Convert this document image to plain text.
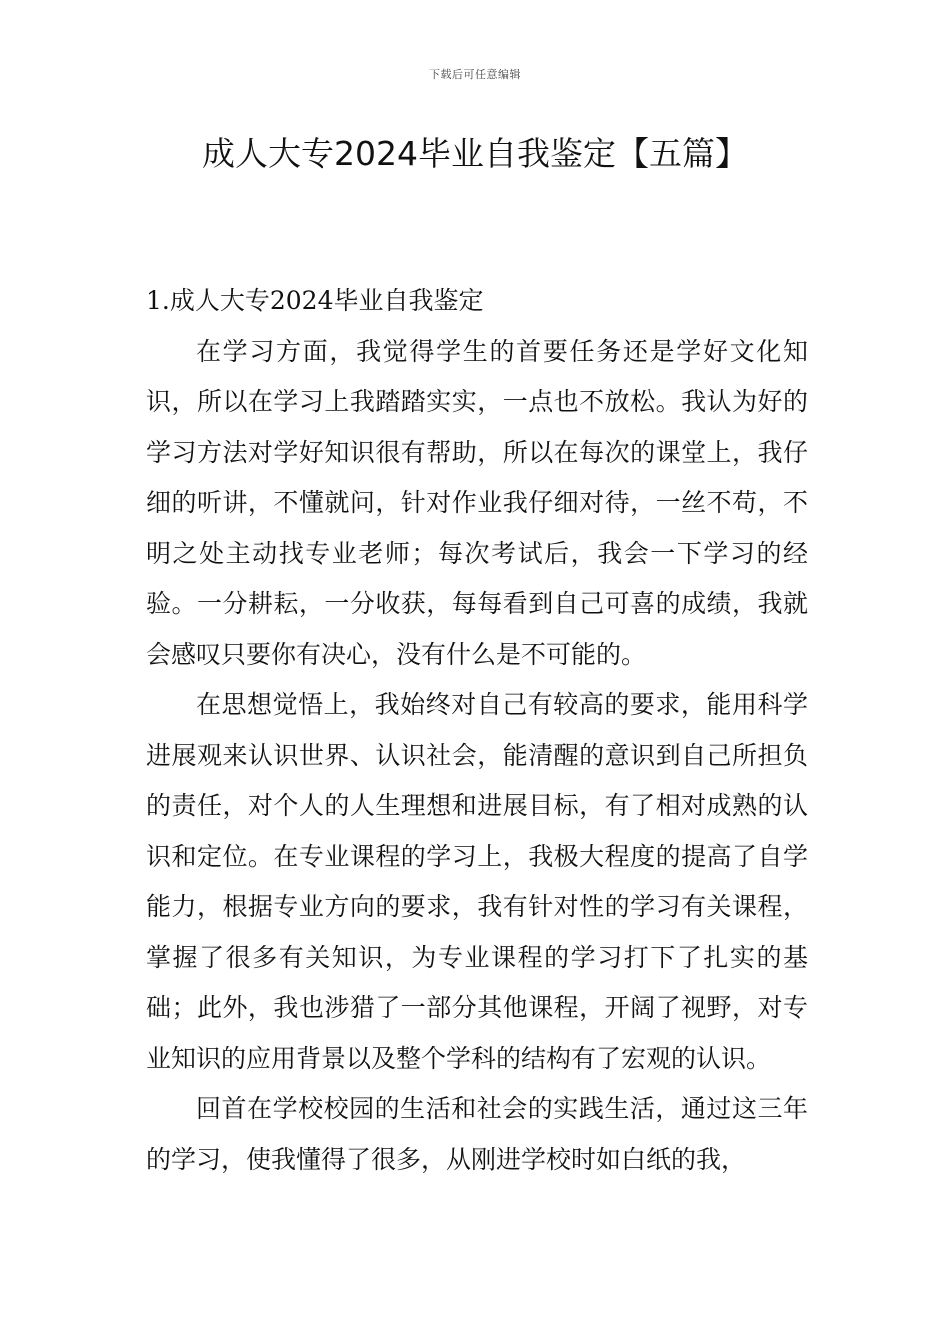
下载后可任意编辑
成人大专2024毕业自我鉴定【五篇】
1.成人大专2024毕业自我鉴定

在学习方面，我觉得学生的首要任务还是学好文化知识，所以在学习上我踏踏实实，一点也不放松。我认为好的学习方法对学好知识很有帮助，所以在每次的课堂上，我仔细的听讲，不懂就问，针对作业我仔细对待，一丝不苟，不明之处主动找专业老师；每次考试后，我会一下学习的经验。一分耕耘，一分收获，每每看到自己可喜的成绩，我就会感叹只要你有决心，没有什么是不可能的。

在思想觉悟上，我始终对自己有较高的要求，能用科学进展观来认识世界、认识社会，能清醒的意识到自己所担负的责任，对个人的人生理想和进展目标，有了相对成熟的认识和定位。在专业课程的学习上，我极大程度的提高了自学能力，根据专业方向的要求，我有针对性的学习有关课程，掌握了很多有关知识，为专业课程的学习打下了扎实的基础；此外，我也涉猎了一部分其他课程，开阔了视野，对专业知识的应用背景以及整个学科的结构有了宏观的认识。

回首在学校校园的生活和社会的实践生活，通过这三年的学习，使我懂得了很多，从刚进学校时如白纸的我，
